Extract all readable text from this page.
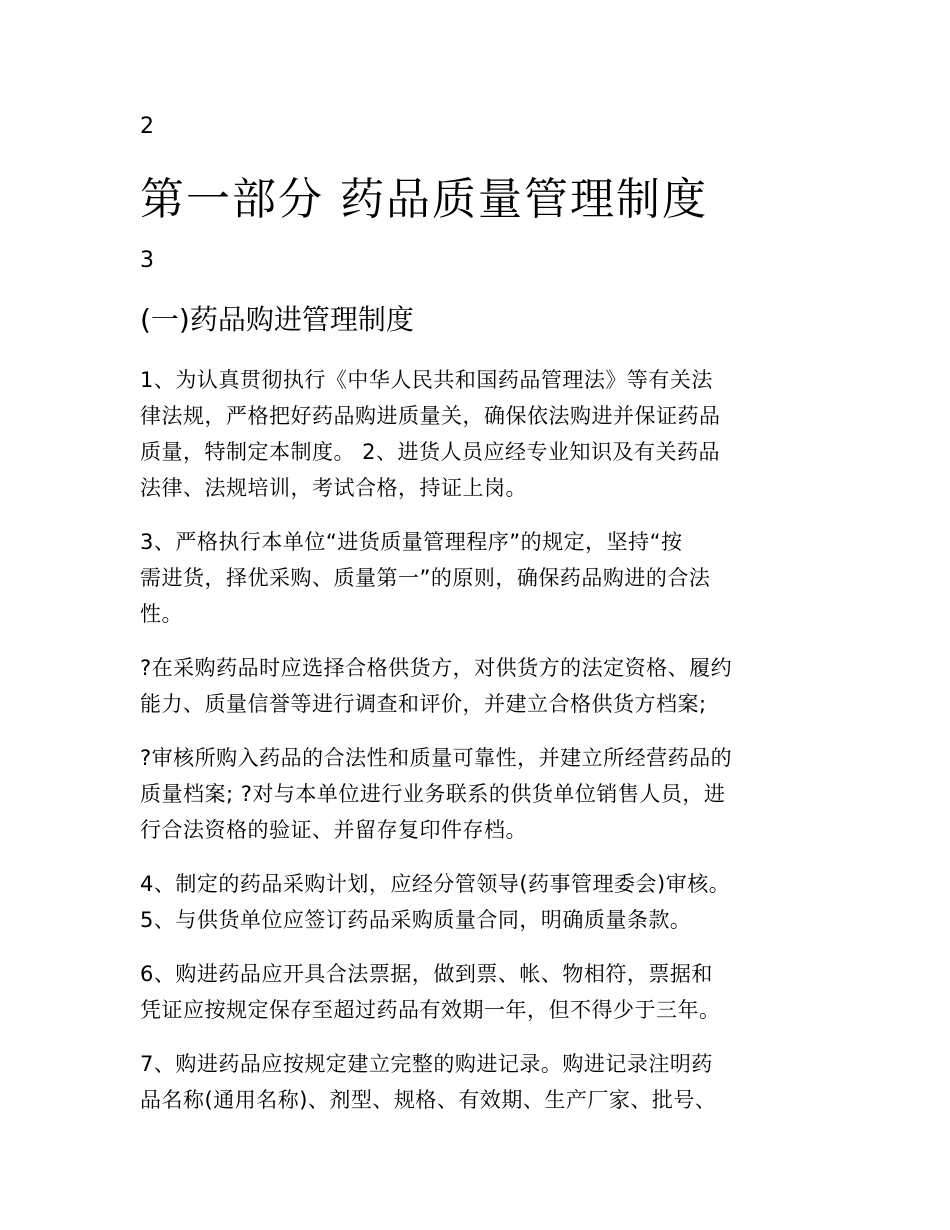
2

第一部分 药品质量管理制度

3

(一)药品购进管理制度
1、为认真贯彻执行《中华人民共和国药品管理法》等有关法
律法规，严格把好药品购进质量关，确保依法购进并保证药品
质量，特制定本制度。 2、进货人员应经专业知识及有关药品
法律、法规培训，考试合格，持证上岗。
3、严格执行本单位“进货质量管理程序”的规定，坚持“按
需进货，择优采购、质量第一”的原则，确保药品购进的合法
性。
?在采购药品时应选择合格供货方，对供货方的法定资格、履约
能力、质量信誉等进行调查和评价，并建立合格供货方档案;
?审核所购入药品的合法性和质量可靠性，并建立所经营药品的
质量档案; ?对与本单位进行业务联系的供货单位销售人员，进
行合法资格的验证、并留存复印件存档。
4、制定的药品采购计划，应经分管领导(药事管理委会)审核。
5、与供货单位应签订药品采购质量合同，明确质量条款。
6、购进药品应开具合法票据，做到票、帐、物相符，票据和
凭证应按规定保存至超过药品有效期一年，但不得少于三年。
7、购进药品应按规定建立完整的购进记录。购进记录注明药
品名称(通用名称)、剂型、规格、有效期、生产厂家、批号、
